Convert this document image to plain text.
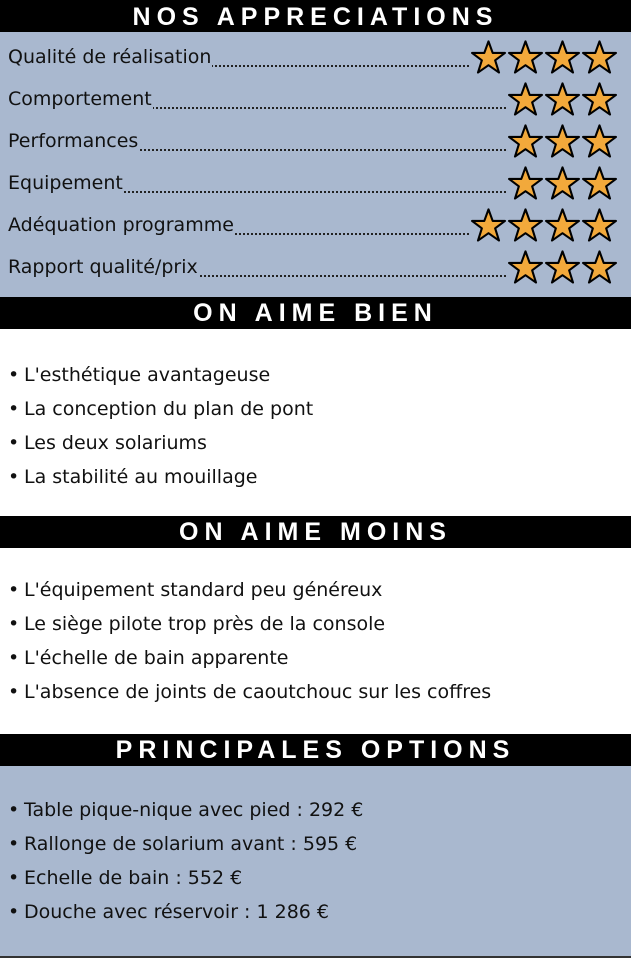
NOS APPRECIATIONS
Qualité de réalisation
Comportement
Performances
Equipement
Adéquation programme
Rapport qualité/prix
ON AIME BIEN
• L'esthétique avantageuse
• La conception du plan de pont
• Les deux solariums
• La stabilité au mouillage
ON AIME MOINS
• L'équipement standard peu généreux
• Le siège pilote trop près de la console
• L'échelle de bain apparente
• L'absence de joints de caoutchouc sur les coffres
PRINCIPALES OPTIONS
• Table pique-nique avec pied : 292 €
• Rallonge de solarium avant : 595 €
• Echelle de bain : 552 €
• Douche avec réservoir : 1 286 €
